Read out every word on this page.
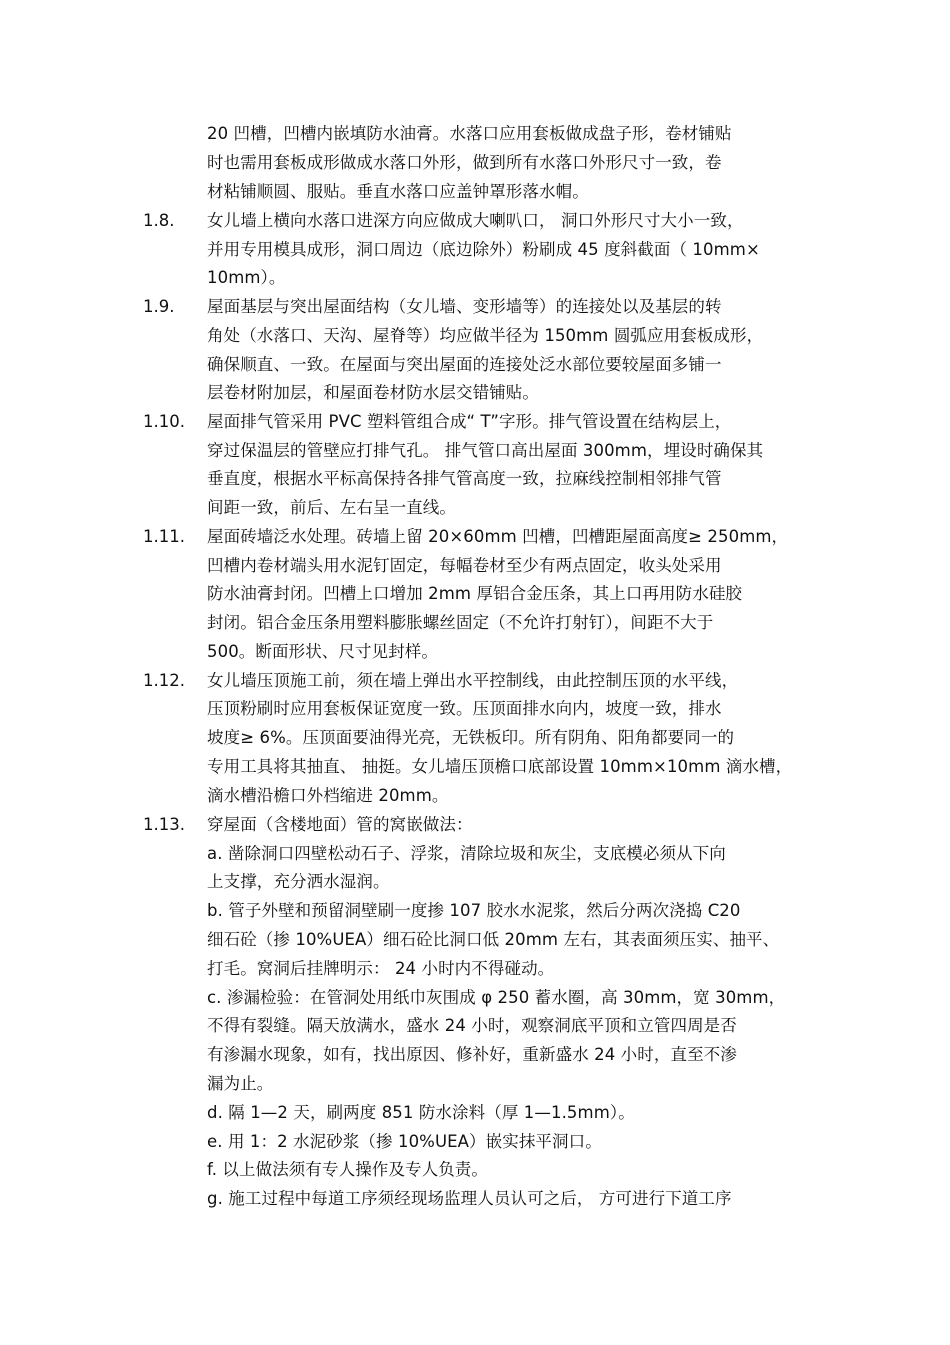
20 凹槽，凹槽内嵌填防水油膏。水落口应用套板做成盘子形，卷材铺贴
时也需用套板成形做成水落口外形，做到所有水落口外形尺寸一致，卷
材粘铺顺圆、服贴。垂直水落口应盖钟罩形落水帽。
1.8.	女儿墙上横向水落口进深方向应做成大喇叭口， 洞口外形尺寸大小一致，
并用专用模具成形，洞口周边（底边除外）粉刷成 45 度斜截面（ 10mm×
10mm）。
1.9.	屋面基层与突出屋面结构（女儿墙、变形墙等）的连接处以及基层的转
角处（水落口、天沟、屋脊等）均应做半径为 150mm 圆弧应用套板成形，
确保顺直、一致。在屋面与突出屋面的连接处泛水部位要较屋面多铺一
层卷材附加层，和屋面卷材防水层交错铺贴。
1.10.	屋面排气管采用 PVC 塑料管组合成“ T”字形。排气管设置在结构层上，
穿过保温层的管壁应打排气孔。 排气管口高出屋面 300mm，埋设时确保其
垂直度，根据水平标高保持各排气管高度一致，拉麻线控制相邻排气管
间距一致，前后、左右呈一直线。
1.11.	屋面砖墙泛水处理。砖墙上留 20×60mm 凹槽，凹槽距屋面高度≥ 250mm，
凹槽内卷材端头用水泥钉固定，每幅卷材至少有两点固定，收头处采用
防水油膏封闭。凹槽上口增加 2mm 厚铝合金压条，其上口再用防水硅胶
封闭。铝合金压条用塑料膨胀螺丝固定（不允许打射钉），间距不大于
500。断面形状、尺寸见封样。
1.12.	女儿墙压顶施工前，须在墙上弹出水平控制线，由此控制压顶的水平线，
压顶粉刷时应用套板保证宽度一致。压顶面排水向内，坡度一致，排水
坡度≥ 6%。压顶面要油得光亮，无铁板印。所有阴角、阳角都要同一的
专用工具将其抽直、 抽挺。女儿墙压顶檐口底部设置 10mm×10mm 滴水槽，
滴水槽沿檐口外档缩进 20mm。
1.13.	穿屋面（含楼地面）管的窝嵌做法：
a. 凿除洞口四壁松动石子、浮浆，清除垃圾和灰尘，支底模必须从下向
上支撑，充分洒水湿润。
b. 管子外壁和预留洞壁刷一度掺 107 胶水水泥浆，然后分两次浇捣 C20
细石砼（掺 10%UEA）细石砼比洞口低 20mm 左右，其表面须压实、抽平、
打毛。窝洞后挂牌明示： 24 小时内不得碰动。
c. 渗漏检验：在管洞处用纸巾灰围成 φ 250 蓄水圈，高 30mm，宽 30mm，
不得有裂缝。隔天放满水，盛水 24 小时，观察洞底平顶和立管四周是否
有渗漏水现象，如有，找出原因、修补好，重新盛水 24 小时，直至不渗
漏为止。
d. 隔 1—2 天，刷两度 851 防水涂料（厚 1—1.5mm）。
e. 用 1：2 水泥砂浆（掺 10%UEA）嵌实抹平洞口。
f. 以上做法须有专人操作及专人负责。
g. 施工过程中每道工序须经现场监理人员认可之后， 方可进行下道工序
